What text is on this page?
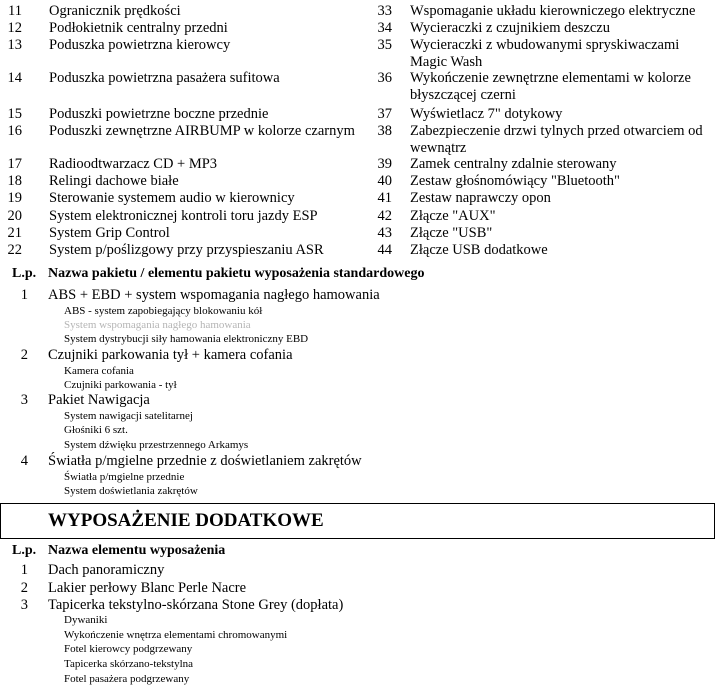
11 Ogranicznik prędkości
12 Podłokietnik centralny przedni
13 Poduszka powietrzna kierowcy
14 Poduszka powietrzna pasażera sufitowa
15 Poduszki powietrzne boczne przednie
16 Poduszki zewnętrzne AIRBUMP w kolorze czarnym
17 Radioodtwarzacz CD + MP3
18 Relingi dachowe białe
19 Sterowanie systemem audio w kierownicy
20 System elektronicznej kontroli toru jazdy ESP
21 System Grip Control
22 System p/poślizgowy przy przyspieszaniu ASR
33 Wspomaganie układu kierowniczego elektryczne
34 Wycieraczki z czujnikiem deszczu
35 Wycieraczki z wbudowanymi spryskiwaczami Magic Wash
36 Wykończenie zewnętrzne elementami w kolorze błyszczącej czerni
37 Wyświetlacz 7" dotykowy
38 Zabezpieczenie drzwi tylnych przed otwarciem od wewnątrz
39 Zamek centralny zdalnie sterowany
40 Zestaw głośnomówiący "Bluetooth"
41 Zestaw naprawczy opon
42 Złącze "AUX"
43 Złącze "USB"
44 Złącze USB dodatkowe
L.p. Nazwa pakietu / elementu pakietu wyposażenia standardowego
1 ABS + EBD + system wspomagania nagłego hamowania
ABS - system zapobiegający blokowaniu kół
System wspomagania nagłego hamowania
System dystrybucji siły hamowania elektroniczny EBD
2 Czujniki parkowania tył + kamera cofania
Kamera cofania
Czujniki parkowania - tył
3 Pakiet Nawigacja
System nawigacji satelitarnej
Głośniki 6 szt.
System dźwięku przestrzennego Arkamys
4 Światła p/mgielne przednie z doświetlaniem zakrętów
Światła p/mgielne przednie
System doświetlania zakrętów
WYPOSAŻENIE DODATKOWE
L.p. Nazwa elementu wyposażenia
1 Dach panoramiczny
2 Lakier perłowy Blanc Perle Nacre
3 Tapicerka tekstylno-skórzana Stone Grey (dopłata)
Dywaniki
Wykończenie wnętrza elementami chromowanymi
Fotel kierowcy podgrzewany
Tapicerka skórzano-tekstylna
Fotel pasażera podgrzewany
